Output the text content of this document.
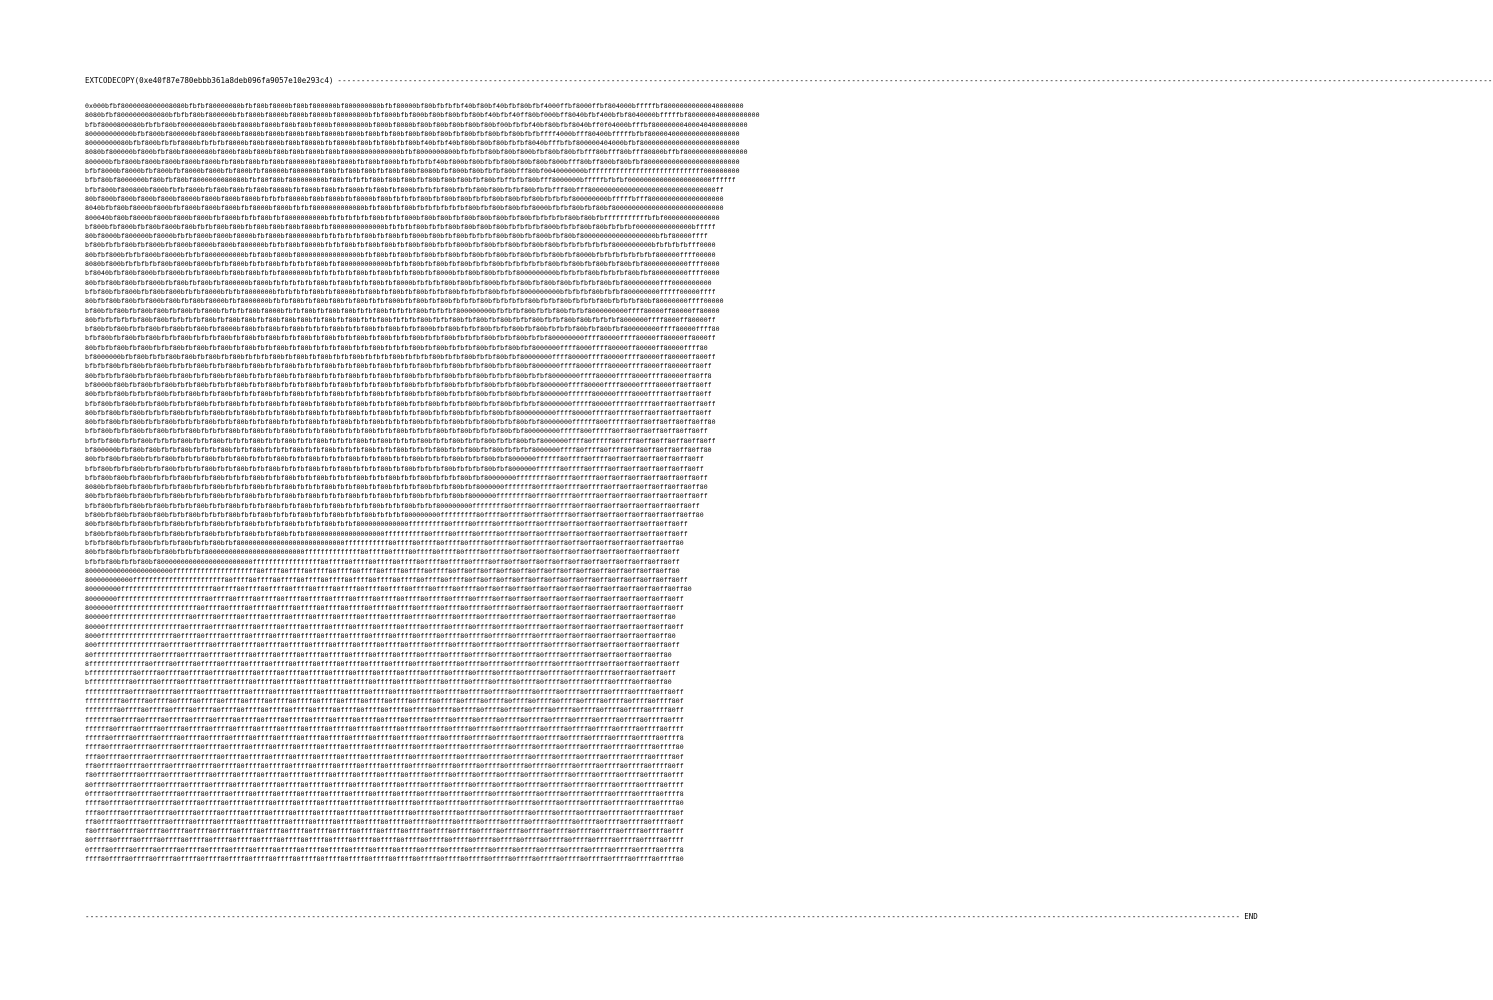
EXTCODECOPY(0xe40f87e780ebbb361a8deb096fa9057e10e293c4) -----------------------------------------------------------------------------------------------------------------------------------------------------------------------------------------------------------------------------------------------------
0x000bfbf8000008000008080bfbfbf80000080bfbf80bf8000bf80bf800000bf800000080bfbf80000bf80bfbfbfbf40bf80bf40bfbf80bfbf4000ffbf8000ffbf804000bfffffbf80000000000040000000
8080bfbf8000000080080bfbfbf80bf800000bfbf800bf8000bf800bf8000bf80000800bfbf800bfbf800bf80bf80bfbf80bf40bfbf40ff80bf000bff8040bfbf400bfbf8040000bfffffbf800000040000000000
bfbf8000800080bfbfbf80bf00000800bf800bf8080bf800bf80bf80bf000bf00000800bf800bf8080bf80bf80bf80bf80bf80bf00bfbfbf40bf80bfbf8040bff0f04000bfffbf800000004000404000000000
800000000000bfbf800bf800000bf800bf8000bf8080bf800bf800bf80bf8000bf800bf80bfbf80bf80bf80bf80bfbf80bfbf80bfbf80bfbfbffff4000bfff80400bfffffbfbf80000400000000000000000
80000000080bfbf800bfbfbf8080bfbfbfbf8000bf80bf800bf80bf8080bfbf8000bf80bfbf80bfbf80bf40bfbf40bf80bf80bf80bfbfbf8040bfffbfbf800000404000bfbf8000000000000000000000000
8080bf800000bf800bfbf80bf8000080bf800bf80bf800bf80bf80bf800bf80bf80008000000000bfbf8000000800bfbfbfbf80bf80bf800bfbf80bf80bfbfff80bfff80bfff80800bffbf8000000000000000
800000bfbf800bf800bf800bf800bf800bfbf80bf80bfbf80bf800000bf800bf800bfbf80bf800bfbfbfbfbf40bf800bf80bfbfbf80bf80bf80bf800bfff80bff800bf80bfbf800000000000000000000000
bfbf8000bf8000bfbf800bfbf8000bf800bfbf800bfbf80000bf800000bf80bfbf80bf80bfbf80bf80bf8080bfbf800bf80bfbfbf80bfff80bf0040000000bfffffffffffffffffffffffffffff000000000
bfbf80bf8000000bf80bfbf80bf8000000080080bfbf80f80bf800000000bf80bfbfbfbf80bf80bf80bfbf80bf80bf80bfbf80bfbffbfbf80bfff8000000bfffffbfbfbf000000000000000000000ffffff
bfbf800bf800800bf800bfbfbf800bfbf80bf80bfbf80bf8080bfbf800bf80bfbf800bfbf80bfbf800bfbfbfbf80bfbfbf80bf80bfbfbf80bfbfbfff80bfff80000000000000000000000000000000ff
80bf800bf800bf800bf800bf8000bf800bf800bf800bfbfbfbf8000bf80bf800bfbf8000bf80bfbfbfbf80bfbf80bf80bfbfbf80bf80bfbf80bfbfbfbf800000000bfffffbfff8000000000000000000
8040bfbf80bf8000bf800bfbf800bf800bf800bfbf8000bf800bfbfbf8000000000080bfbf80bfbf80bfbfbfbfbfbfbf80bfbf80bf80bfbf8000bfbfbf80bfbf80bf8000000000000000000000000000
800040bf80bf8000bf800bf800bf800bfbf800bfbfbf80bfbf8000000000bfbfbfbfbfbf80bfbfbf800bf80bf80bfbf80bf80bf80bfbf80bfbfbfbfbf80bf80bfbfffffffffffbfbf00000000000000
bf800bfbf800bfbf80bf800bf80bfbfbf80bf80bfbf80bf80bf80bf800bfbf8000000000000bfbfbfbf80bfbfbf80bf80bf80bf80bfbfbfbfbf800bfbfbf80bf80bfbfbfbf00000000000000bfffff
80bf8000bf800000bf8000bfbfbf800bf800bf8000bfbf800bf8000000bfbfbfbfbfbf80bfbf80bfbf800bf80bfbf80bfbfbfbf80bf80bfbf800bfbf80bf8000000000000000000bfbf80000ffff
bf80bfbfbf80bfbf800bfbf800bf8000bf800bf800000bfbfbf80bf8000bfbfbf80bfbf80bf80bfbf80bf80bfbfbf800bfbf80bfbf80bfbf80bf80bfbfbfbfbfbfbf8000000000bfbfbfbfbfff0000
80bfbf800bfbfbf800bf8000bfbfbf8000000000bfbf80bf800bf8000000000000000bfbf80bfbf80bfbf80bfbf80bfbf80bfbf80bfbf80bfbfbf80bfbf8000bfbfbfbfbfbfbfbf800000ffff00000
8080bf800bfbfbfbfbf80bf800bf800bfbfbf800bfbfbf80bfbfbfbfbf80bfbf800000000000bfbfbf80bfbf80bfbf80bfbfbf80bfbfbfbfbfbf80bfbf80bfbf80bfbf80bfbf80000000000ffff0000
bf8040bfbf80bf800bfbf800bfbfbf800bfbf80bf80bfbfbf8000000bfbfbfbfbfbf80bfbf80bfbfbf80bfbf8000bfbf80bf80bfbfbf8000000000bfbfbfbf80bfbfbfbf80bfbf800000000ffff0000
80bfbf80bf80bfbf800bfbf80bfbf80bfbf800000bf800bfbfbfbfbfbf80bfbf80bfbfbf80bfbf8000bfbfbfbf80bf80bfbf800bfbfbf80bfbf80bf80bfbfbfbf80bfbf800000000fff0000000000
bfbf80bfbf800bfbf80bf800bfbfbf8000bfbfbf8000000bfbfbfbfbf80bfbf8000bfbf80bfbf80bfbf80bfbfbf80bfbfbfbf80bfbfbf8000000000bfbfbfbf80bfbfbf800000000fffff00000ffff
80bfbf80bf80bfbf800bf80bfbf80bf8000bfbf8000000bfbfbf80bfbf80bf80bfbf80bfbfbf800bfbf80bfbf80bfbfbfbf80bfbfbfbfbf80bfbfbf80bfbfbfbf80bfbfbfbf80bf80000000ffff00000
bf80bfbf80bfbf80bf80bfbf80bfbf800bfbfbfbf80bf8000bfbfbf80bfbf80bf80bfbfbf80bfbfbfbf80bfbfbfbf800000000bfbfbfbf80bfbfbf80bfbfbf8000000000ffff80000ff80000ff80000
80bfbfbfbfbfbf80bf80bfbfbfbfbf80bfbf80bf80bfbf80bf80bf80bfbf80bfbf80bfbfbf80bfbfbfbf80bfbfbf80bfbf80bfbf80bfbfbf80bfbfbf80bf80bfbfbfbf8000000ffff8000ff80000ff
bf80bfbf80bfbfbf80bfbf80bfbf80bfbf8000bf80bfbf80bfbf80bfbfbfbf80bfbfbf80bfbf80bfbfbf800bfbf80bfbfbf80bfbfbf80bfbf80bfbfbfbf80bfbf80bfbf800000000ffff80000ffff80
bfbf80bfbf80bfbf80bfbfbf80bfbfbfbf80bfbf80bfbf80bfbfbf80bfbf80bfbfbf80bfbf80bfbfbf80bfbfbf80bfbfbfbf80bfbfbf80bfbfbf800000000ffff80000ffff80000ff80000ff8000ff
80bfbfbf80bfbf80bfbfbf80bfbf80bfbf80bfbf80bfbfbf80bfbf80bfbfbfbf80bfbfbf80bfbfbfbf80bfbf80bfbfbfbf80bfbfbf80bfbf8000000ffff8000ffff80000ff80000ff80000ffff80
bf8000000bfbf80bfbfbf80bf80bfbf80bfbf80bfbfbfbf80bfbf80bfbf80bfbfbf80bfbfbfbf80bfbfbfbf80bfbfbf80bfbfbf80bfbf80000000ffff80000ffff80000ffff80000ff80000ff800ff
bfbfbf80bfbf80bfbf80bfbfbfbf80bfbfbf80bfbf80bfbfbf80bfbfbfbf80bfbfbf80bfbf80bfbfbfbf80bfbfbf80bfbfbf80bfbfbf80bf8000000ffff8000ffff80000ffff8000ff80000ff80ff
80bfbfbfbf80bfbfbf80bfbf80bfbfbf80bfbf80bfbfbfbf80bfbfbf80bfbfbfbf80bfbfbf80bfbf80bfbfbfbf80bfbfbf80bfbfbfbf80bfbfbf80000000ffff80000ffff8000ffff80000ff80ff8
bf8000bf80bfbf80bfbf80bfbfbf80bfbfbfbf80bfbfbf80bfbfbfbf80bfbfbf80bfbfbfbf80bfbf80bfbfbfbf80bfbfbfbf80bfbfbf80bfbf8000000ffff80000ffff80000ffff8000ff80ff80ff
80bfbfbf80bfbfbfbf80bfbfbf80bfbfbf80bfbfbfbf80bfbfbf80bfbfbfbf80bfbfbfbf80bfbfbf80bfbfbf80bfbfbfbf80bfbfbf80bfbfbf8000000ffffff800000ffff8000ffff80ff80ff80ff
bfbf80bfbf80bfbfbf80bfbfbfbf80bfbfbf80bfbfbfbf80bfbfbf80bfbf80bfbfbf80bfbfbfbf80bfbfbf80bfbfbfbf80bfbfbf80bfbfbfbf80000000fffff80000ffff80ffff80ff80ff80ff80ff
80bfbf80bfbf80bfbfbfbf80bfbfbfbf80bfbfbf80bfbfbfbf80bfbf80bfbfbfbf80bfbfbf80bfbfbfbf80bfbfbf80bfbfbfbf80bfbf8000000000ffff80000ffff80ffff80ff80ff80ff80ff80ff
80bfbf80bfbf80bfbfbf80bfbfbfbf80bfbfbf80bfbfbf80bfbfbfbf80bfbfbf80bfbfbf80bfbfbfbf80bfbfbfbf80bfbfbf80bfbfbf80bfbf80000000ffffff800fffff80ff80ff80ff80ff80ff80
bfbf80bfbfbf80bfbf80bfbfbf80bfbfbfbf80bfbf80bfbfbf80bfbfbfbf80bfbfbfbf80bfbfbf80bfbfbfbf80bfbf80bfbfbfbf80bfbf800000000fffff800fffff80ff80ff80ff80ff80ff80ff
bfbfbf80bfbfbf80bfbfbfbf80bfbfbf80bfbfbfbf80bfbfbf80bfbfbf80bfbfbfbf80bfbf80bfbfbfbf80bfbfbf80bfbfbf80bfbfbf80bfbf8000000ffff80fffff80ffff80ff80ff80ff80ff80ff
bf800000bfbf80bf80bfbfbf80bfbfbfbf80bfbfbf80bfbfbfbf80bfbfbf80bfbfbfbf80bfbfbf80bfbfbfbf80bfbfbf80bfbf80bfbfbfbf8000000ffff80ffff80ffff80ff80ff80ff80ff80ff80
80bfbf80bfbf80bfbfbf80bfbfbfbf80bfbfbf80bfbfbfbf80bfbfbf80bfbfbfbf80bfbfbf80bfbfbf80bfbfbfbf80bfbfbf80bfbf8000000ffffff80ffff80ffff80ff80ff80ff80ff80ff80ff
bfbf80bfbfbf80bfbfbf80bfbfbfbf80bfbfbf80bfbfbf80bfbfbfbf80bfbfbf80bfbfbfbf80bfbf80bfbfbfbf80bfbfbfbf80bfbf8000000ffffff80ffff80ffff80ff80ff80ff80ff80ff80ff
bfbf80bf80bfbf80bfbfbfbf80bfbfbf80bfbfbfbf80bfbfbf80bfbfbf80bfbfbfbf80bfbfbf80bfbfbf80bfbfbfbf80bfbf80000000ffffffff80ffff80ffff80ff80ff80ff80ff80ff80ff80ff
8080bfbf80bfbf80bfbfbfbf80bfbfbf80bfbfbfbf80bfbfbf80bfbfbfbf80bfbfbf80bfbf80bfbfbfbf80bfbfbf80bfbf8000000fffffff80ffff80ffff80ffff80ff80ff80ff80ff80ff80ff80
80bfbfbf80bfbf80bfbfbf80bfbfbfbf80bfbfbf80bfbfbfbf80bfbf80bfbfbfbf80bfbfbf80bfbfbf80bfbfbfbf80bf8000000ffffffff80fff80ffff80ffff80ff80ff80ff80ff80ff80ff80ff
bfbf80bfbfbf80bfbf80bfbfbfbf80bfbfbf80bfbfbfbf80bfbfbf80bfbfbf80bfbfbfbf80bfbfbf80bfbfbf800000000ffffffff80ffff80fff80ffff80ff80ff80ff80ff80ff80ff80ff80ff
bf80bfbf80bfbf80bf80bfbfbf80bfbfbfbf80bfbfbf80bfbfbfbf80bfbfbf80bfbfbf80bfbfbfbf800000000fffffffff80ffff80ffff80fff80ffff80ff80ff80ff80ff80ff80ff80ff80ff80
80bfbf80bfbfbf80bfbfbf80bfbfbfbf80bfbfbf80bfbfbfbf80bfbfbfbf80bfbfbf8000000000000fffffffff80ffff80ffff80ffff80fff80ffff80ff80ff80ff80ff80ff80ff80ff80ff
bf80bfbf80bfbf80bfbfbf80bfbfbf80bfbfbfbf80bfbfbf80bfbfbf8000000000000000000ffffffffff80ffff80ffff80ffff80ffff80ff80ffff80ff80ff80ff80ff80ff80ff80ff80ff
bfbfbf80bfbfbf80bfbfbfbf80bfbfbf80bfbf800000000000000000000000000fffffffffff80ffff80ffff80ffff80ffff80ffff80ff80ffff80ff80ff80ff80ff80ff80ff80ff80ff80
80bfbf80bfbfbf80bfbf80bfbfbfbf8000000000000000000000000ffffffffffffff80ffff80ffff80ffff80ffff80ffff80ffff80ff80ff80ff80ff80ff80ff80ff80ff80ff80ff80ff
bfbfbf80bfbfbf80bf800000000000000000000000fffffffffffffffff80ffff80ffff80ffff80ffff80ffff80ffff80ffff80ff80ff80ff80ff80ff80ff80ff80ff80ff80ff80ff80ff
8000000000000000000000fffffffffffffffffffff80ffff80ffff80ffff80ffff80ffff80ffff80ffff80ffff80ff80ff80ff80ff80ff80ff80ff80ff80ff80ff80ff80ff80ff80ff80
800000000000fffffffffffffffffffffff80ffff80ffff80ffff80ffff80ffff80ffff80ffff80ffff80ffff80ffff80ff80ff80ff80ff80ff80ff80ff80ff80ff80ff80ff80ff80ff80ff
800000000fffffffffffffffffffffff80ffff80ffff80ffff80ffff80ffff80ffff80ffff80ffff80ffff80ffff80ffff80ff80ff80ff80ff80ff80ff80ff80ff80ff80ff80ff80ff80ff80
80000000ffffffffffffffffffffff80ffff80ffff80ffff80ffff80ffff80ffff80ffff80ffff80ffff80ffff80ffff80ffff80ff80ff80ff80ff80ff80ff80ff80ff80ff80ff80ff80ff
8000000fffffffffffffffffffff80ffff80ffff80ffff80ffff80ffff80ffff80ffff80ffff80ffff80ffff80ffff80ffff80ffff80ff80ff80ff80ff80ff80ff80ff80ff80ff80ff80ff
800000ffffffffffffffffffff80ffff80ffff80ffff80ffff80ffff80ffff80ffff80ffff80ffff80ffff80ffff80ffff80ffff80ffff80ff80ff80ff80ff80ff80ff80ff80ff80ff80
80000fffffffffffffffffff80ffff80ffff80ffff80ffff80ffff80ffff80ffff80ffff80ffff80ffff80ffff80ffff80ffff80ffff80ffff80ff80ff80ff80ff80ff80ff80ff80ff80ff
8000ffffffffffffffffff80ffff80ffff80ffff80ffff80ffff80ffff80ffff80ffff80ffff80ffff80ffff80ffff80ffff80ffff80ffff80ffff80ff80ff80ff80ff80ff80ff80ff80
800ffffffffffffffff80ffff80ffff80ffff80ffff80ffff80ffff80ffff80ffff80ffff80ffff80ffff80ffff80ffff80ffff80ffff80ffff80ffff80ff80ff80ff80ff80ff80ff80ff
80fffffffffffffff80ffff80ffff80ffff80ffff80ffff80ffff80ffff80ffff80ffff80ffff80ffff80ffff80ffff80ffff80ffff80ffff80ffff80ffff80ff80ff80ff80ff80ff80
8ffffffffffffff80ffff80ffff80ffff80ffff80ffff80ffff80ffff80ffff80ffff80ffff80ffff80ffff80ffff80ffff80ffff80ffff80ffff80ffff80ffff80ff80ff80ff80ff80ff
bfffffffffff80ffff80ffff80ffff80ffff80ffff80ffff80ffff80ffff80ffff80ffff80ffff80ffff80ffff80ffff80ffff80ffff80ffff80ffff80ffff80ffff80ff80ff80ff80ff
bffffffffff80ffff80ffff80ffff80ffff80ffff80ffff80ffff80ffff80ffff80ffff80ffff80ffff80ffff80ffff80ffff80ffff80ffff80ffff80ffff80ffff80ffff80ff80ff80
ffffffffff80ffff80ffff80ffff80ffff80ffff80ffff80ffff80ffff80ffff80ffff80ffff80ffff80ffff80ffff80ffff80ffff80ffff80ffff80ffff80ffff80ffff80ffff80ff80ff
fffffffff80ffff80ffff80ffff80ffff80ffff80ffff80ffff80ffff80ffff80ffff80ffff80ffff80ffff80ffff80ffff80ffff80ffff80ffff80ffff80ffff80ffff80ffff80ffff80f
ffffffff80ffff80ffff80ffff80ffff80ffff80ffff80ffff80ffff80ffff80ffff80ffff80ffff80ffff80ffff80ffff80ffff80ffff80ffff80ffff80ffff80ffff80ffff80ffff80ff
fffffff80ffff80ffff80ffff80ffff80ffff80ffff80ffff80ffff80ffff80ffff80ffff80ffff80ffff80ffff80ffff80ffff80ffff80ffff80ffff80ffff80ffff80ffff80ffff80fff
ffffff80ffff80ffff80ffff80ffff80ffff80ffff80ffff80ffff80ffff80ffff80ffff80ffff80ffff80ffff80ffff80ffff80ffff80ffff80ffff80ffff80ffff80ffff80ffff80ffff
fffff80ffff80ffff80ffff80ffff80ffff80ffff80ffff80ffff80ffff80ffff80ffff80ffff80ffff80ffff80ffff80ffff80ffff80ffff80ffff80ffff80ffff80ffff80ffff80ffff8
ffff80ffff80ffff80ffff80ffff80ffff80ffff80ffff80ffff80ffff80ffff80ffff80ffff80ffff80ffff80ffff80ffff80ffff80ffff80ffff80ffff80ffff80ffff80ffff80ffff80
fff80ffff80ffff80ffff80ffff80ffff80ffff80ffff80ffff80ffff80ffff80ffff80ffff80ffff80ffff80ffff80ffff80ffff80ffff80ffff80ffff80ffff80ffff80ffff80ffff80f
ff80ffff80ffff80ffff80ffff80ffff80ffff80ffff80ffff80ffff80ffff80ffff80ffff80ffff80ffff80ffff80ffff80ffff80ffff80ffff80ffff80ffff80ffff80ffff80ffff80ff
f80ffff80ffff80ffff80ffff80ffff80ffff80ffff80ffff80ffff80ffff80ffff80ffff80ffff80ffff80ffff80ffff80ffff80ffff80ffff80ffff80ffff80ffff80ffff80ffff80fff
80ffff80ffff80ffff80ffff80ffff80ffff80ffff80ffff80ffff80ffff80ffff80ffff80ffff80ffff80ffff80ffff80ffff80ffff80ffff80ffff80ffff80ffff80ffff80ffff80ffff
0ffff80ffff80ffff80ffff80ffff80ffff80ffff80ffff80ffff80ffff80ffff80ffff80ffff80ffff80ffff80ffff80ffff80ffff80ffff80ffff80ffff80ffff80ffff80ffff80ffff8
ffff80ffff80ffff80ffff80ffff80ffff80ffff80ffff80ffff80ffff80ffff80ffff80ffff80ffff80ffff80ffff80ffff80ffff80ffff80ffff80ffff80ffff80ffff80ffff80ffff80
fff80ffff80ffff80ffff80ffff80ffff80ffff80ffff80ffff80ffff80ffff80ffff80ffff80ffff80ffff80ffff80ffff80ffff80ffff80ffff80ffff80ffff80ffff80ffff80ffff80f
ff80ffff80ffff80ffff80ffff80ffff80ffff80ffff80ffff80ffff80ffff80ffff80ffff80ffff80ffff80ffff80ffff80ffff80ffff80ffff80ffff80ffff80ffff80ffff80ffff80ff
f80ffff80ffff80ffff80ffff80ffff80ffff80ffff80ffff80ffff80ffff80ffff80ffff80ffff80ffff80ffff80ffff80ffff80ffff80ffff80ffff80ffff80ffff80ffff80ffff80fff
80ffff80ffff80ffff80ffff80ffff80ffff80ffff80ffff80ffff80ffff80ffff80ffff80ffff80ffff80ffff80ffff80ffff80ffff80ffff80ffff80ffff80ffff80ffff80ffff80ffff
0ffff80ffff80ffff80ffff80ffff80ffff80ffff80ffff80ffff80ffff80ffff80ffff80ffff80ffff80ffff80ffff80ffff80ffff80ffff80ffff80ffff80ffff80ffff80ffff80ffff8
ffff80ffff80ffff80ffff80ffff80ffff80ffff80ffff80ffff80ffff80ffff80ffff80ffff80ffff80ffff80ffff80ffff80ffff80ffff80ffff80ffff80ffff80ffff80ffff80ffff80
----------------------------------------------------------------------------------------------------------------------------------------------------------------------------------------------------------------------------------------------------- END
